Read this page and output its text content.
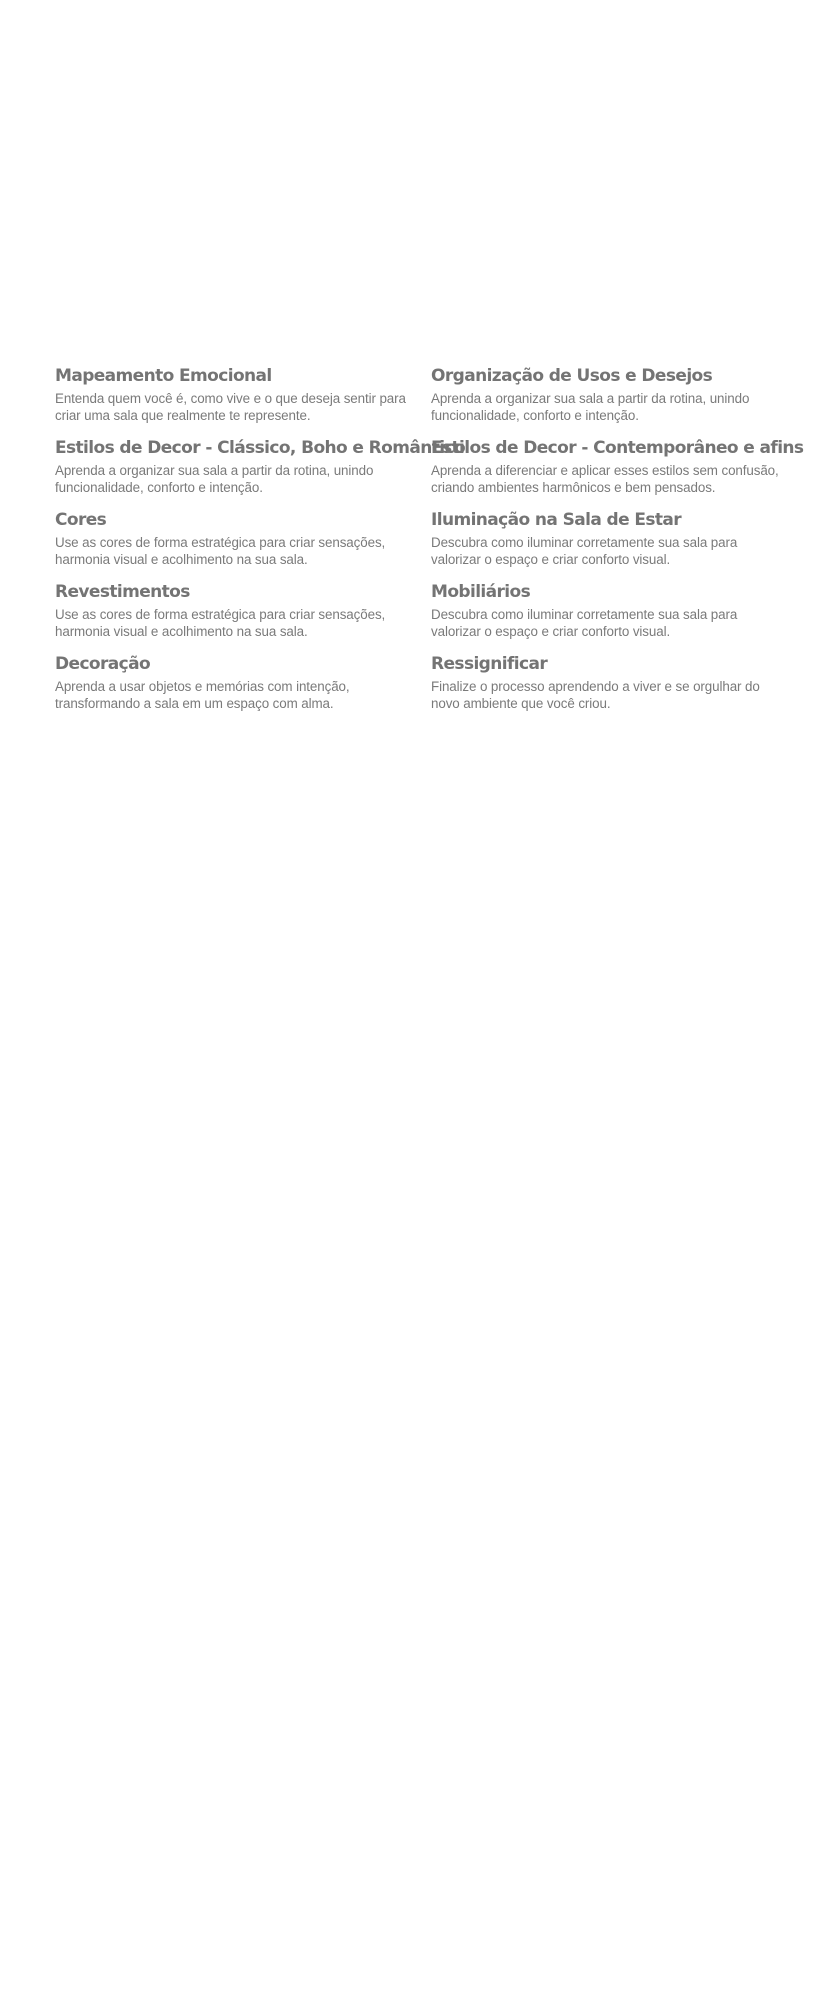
Mapeamento Emocional

Entenda quem você é, como vive e o que deseja sentir para criar uma sala que realmente te represente.

Organização de Usos e Desejos

Aprenda a organizar sua sala a partir da rotina, unindo funcionalidade, conforto e intenção.

Estilos de Decor - Clássico, Boho e Romântico

Aprenda a organizar sua sala a partir da rotina, unindo funcionalidade, conforto e intenção.

Estilos de Decor - Contemporâneo e afins

Aprenda a diferenciar e aplicar esses estilos sem confusão, criando ambientes harmônicos e bem pensados.

Cores

Use as cores de forma estratégica para criar sensações, harmonia visual e acolhimento na sua sala.

Iluminação na Sala de Estar

Descubra como iluminar corretamente sua sala para valorizar o espaço e criar conforto visual.

Revestimentos

Use as cores de forma estratégica para criar sensações, harmonia visual e acolhimento na sua sala.

Mobiliários

Descubra como iluminar corretamente sua sala para valorizar o espaço e criar conforto visual.

Decoração

Aprenda a usar objetos e memórias com intenção, transformando a sala em um espaço com alma.

Ressignificar

Finalize o processo aprendendo a viver e se orgulhar do novo ambiente que você criou.
